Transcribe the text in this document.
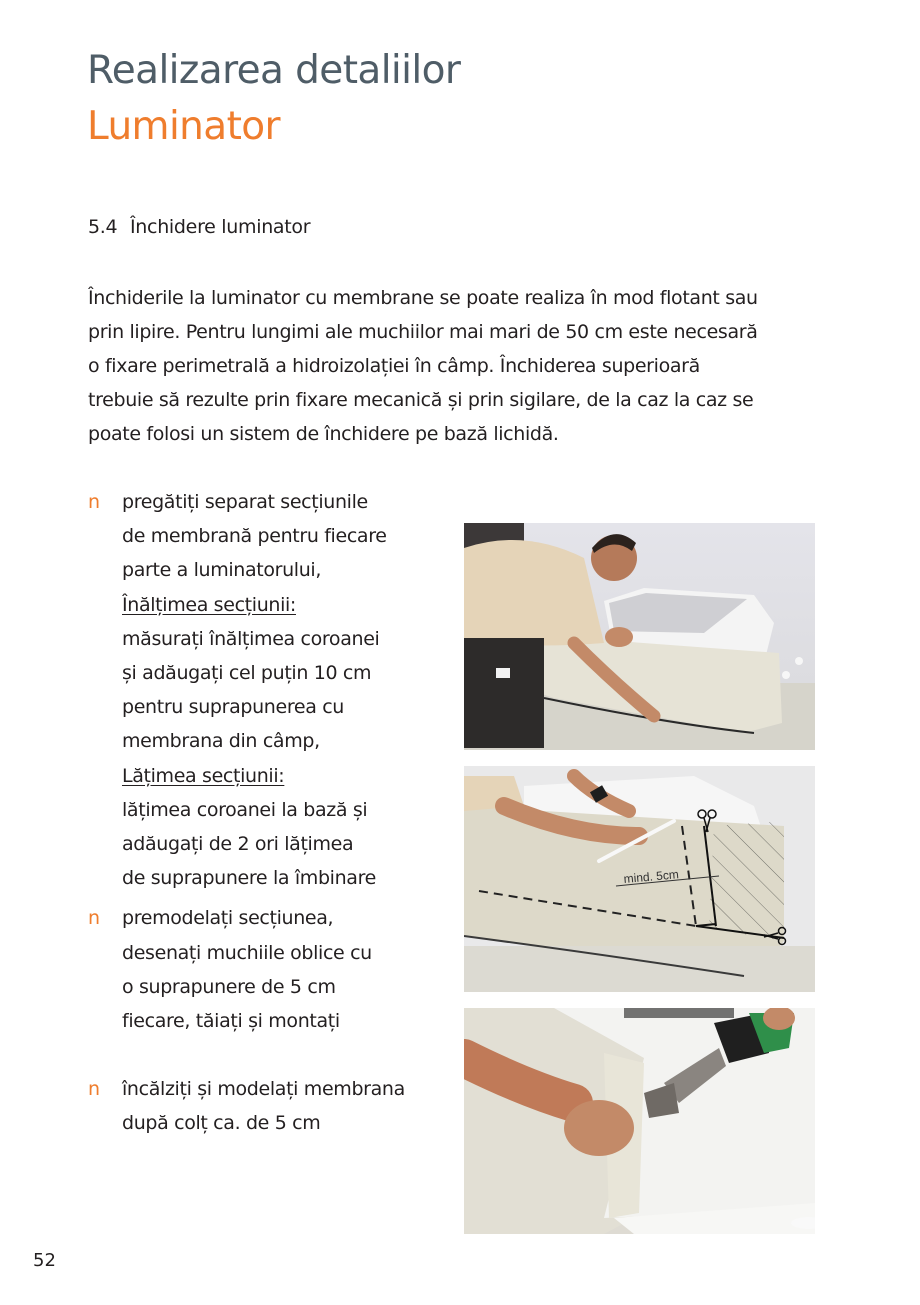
Realizarea detaliilor
Luminator
5.4 Închidere luminator
Închiderile la luminator cu membrane se poate realiza în mod flotant sau
prin lipire. Pentru lungimi ale muchiilor mai mari de 50 cm este necesară
o fixare perimetrală a hidroizolației în câmp. Închiderea superioară
trebuie să rezulte prin fixare mecanică și prin sigilare, de la caz la caz se
poate folosi un sistem de închidere pe bază lichidă.
n pregătiți separat secțiunile
de membrană pentru fiecare
parte a luminatorului,
Înălțimea secțiunii:
măsurați înălțimea coroanei
și adăugați cel puțin 10 cm
pentru suprapunerea cu
membrana din câmp,
Lățimea secțiunii:
lățimea coroanei la bază și
adăugați de 2 ori lățimea
de suprapunere la îmbinare
n premodelați secțiunea,
desenați muchiile oblice cu
o suprapunere de 5 cm
fiecare, tăiați și montați
n încălziți și modelați membrana
după colț ca. de 5 cm
mind. 5cm
52
